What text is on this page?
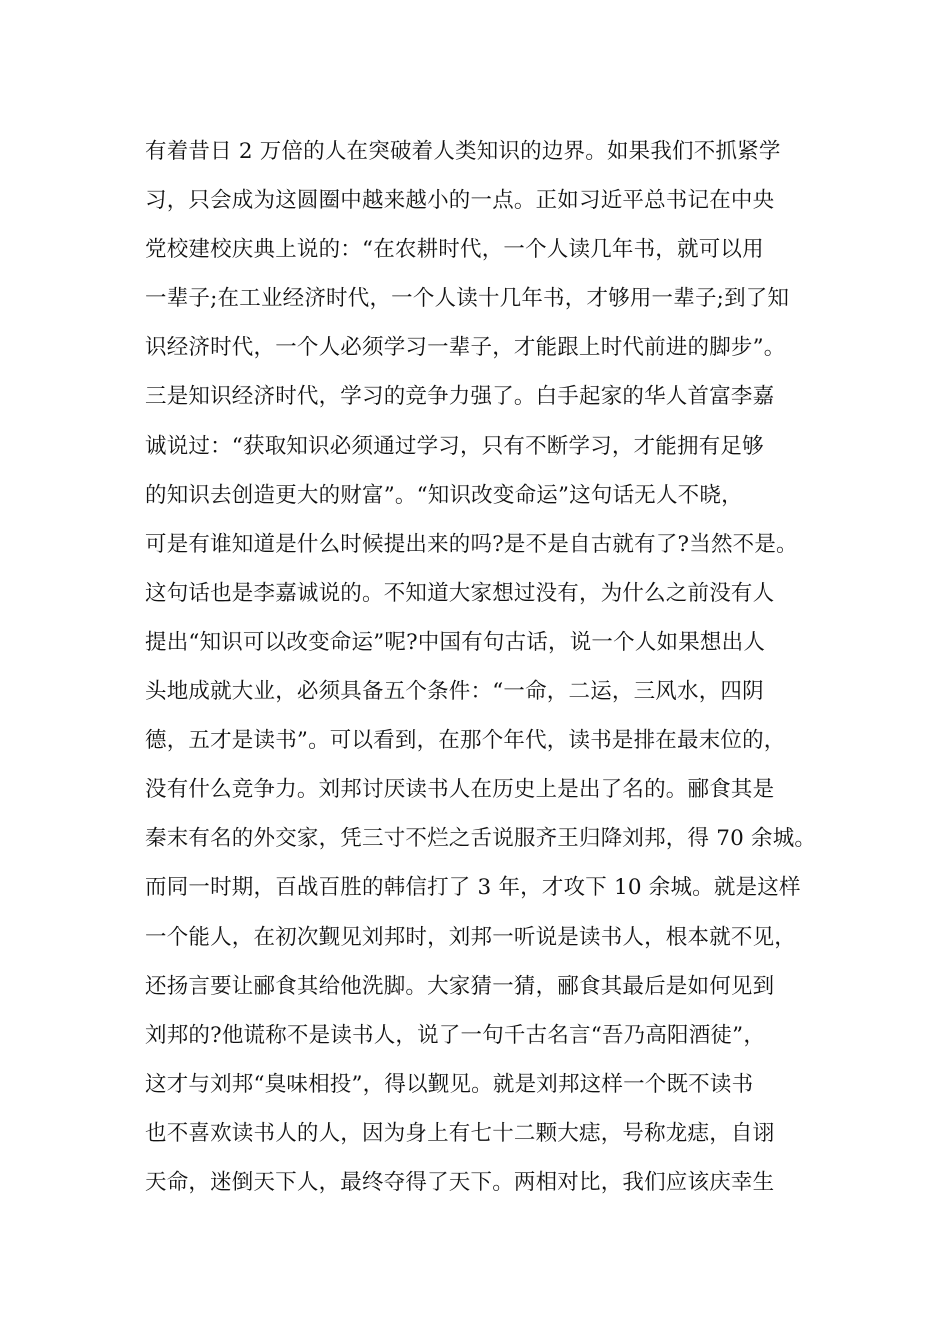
有着昔日 2 万倍的人在突破着人类知识的边界。如果我们不抓紧学
习，只会成为这圆圈中越来越小的一点。正如习近平总书记在中央
党校建校庆典上说的：“在农耕时代，一个人读几年书，就可以用
一辈子;在工业经济时代，一个人读十几年书，才够用一辈子;到了知
识经济时代，一个人必须学习一辈子，才能跟上时代前进的脚步”。
三是知识经济时代，学习的竞争力强了。白手起家的华人首富李嘉
诚说过：“获取知识必须通过学习，只有不断学习，才能拥有足够
的知识去创造更大的财富”。“知识改变命运”这句话无人不晓，
可是有谁知道是什么时候提出来的吗?是不是自古就有了?当然不是。
这句话也是李嘉诚说的。不知道大家想过没有，为什么之前没有人
提出“知识可以改变命运”呢?中国有句古话，说一个人如果想出人
头地成就大业，必须具备五个条件：“一命，二运，三风水，四阴
德，五才是读书”。可以看到，在那个年代，读书是排在最末位的，
没有什么竞争力。刘邦讨厌读书人在历史上是出了名的。郦食其是
秦末有名的外交家，凭三寸不烂之舌说服齐王归降刘邦，得 70 余城。
而同一时期，百战百胜的韩信打了 3 年，才攻下 10 余城。就是这样
一个能人，在初次觐见刘邦时，刘邦一听说是读书人，根本就不见，
还扬言要让郦食其给他洗脚。大家猜一猜，郦食其最后是如何见到
刘邦的?他谎称不是读书人，说了一句千古名言“吾乃高阳酒徒”，
这才与刘邦“臭味相投”，得以觐见。就是刘邦这样一个既不读书
也不喜欢读书人的人，因为身上有七十二颗大痣，号称龙痣，自诩
天命，迷倒天下人，最终夺得了天下。两相对比，我们应该庆幸生
